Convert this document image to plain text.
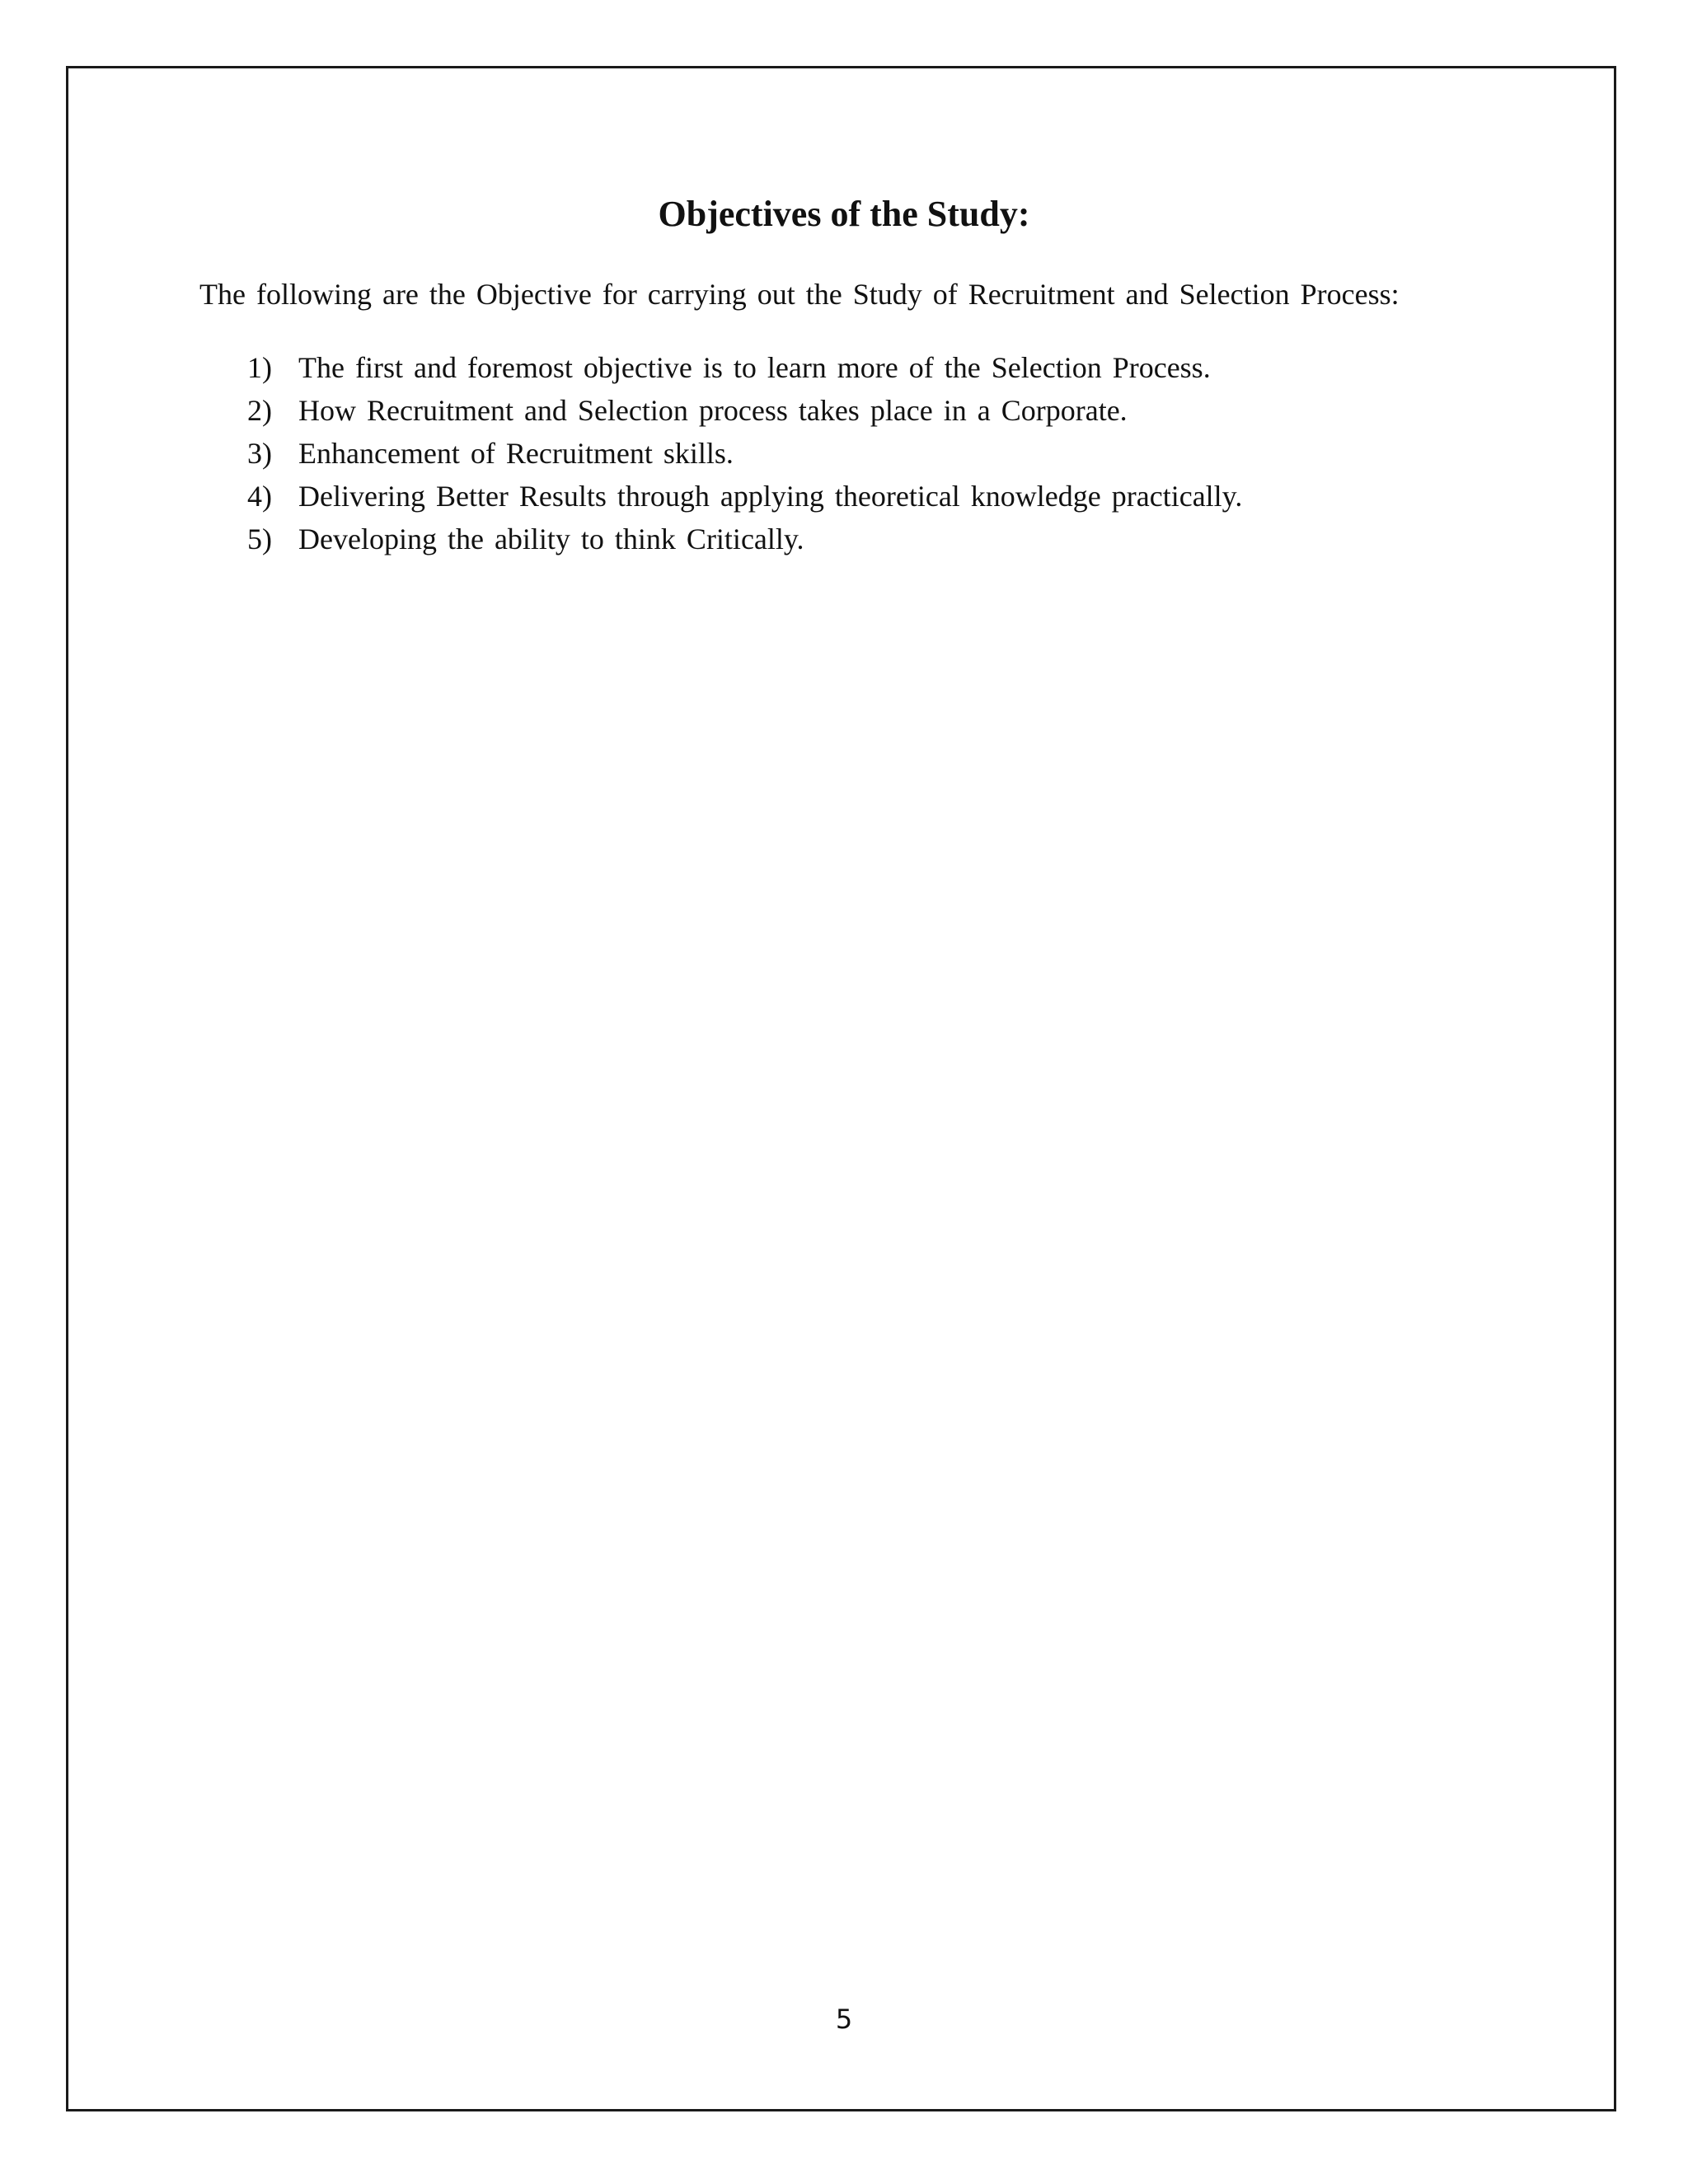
Objectives of the Study:

The following are the Objective for carrying out the Study of Recruitment and Selection Process:

1) The first and foremost objective is to learn more of the Selection Process.
2) How Recruitment and Selection process takes place in a Corporate.
3) Enhancement of Recruitment skills.
4) Delivering Better Results through applying theoretical knowledge practically.
5) Developing the ability to think Critically.
5
